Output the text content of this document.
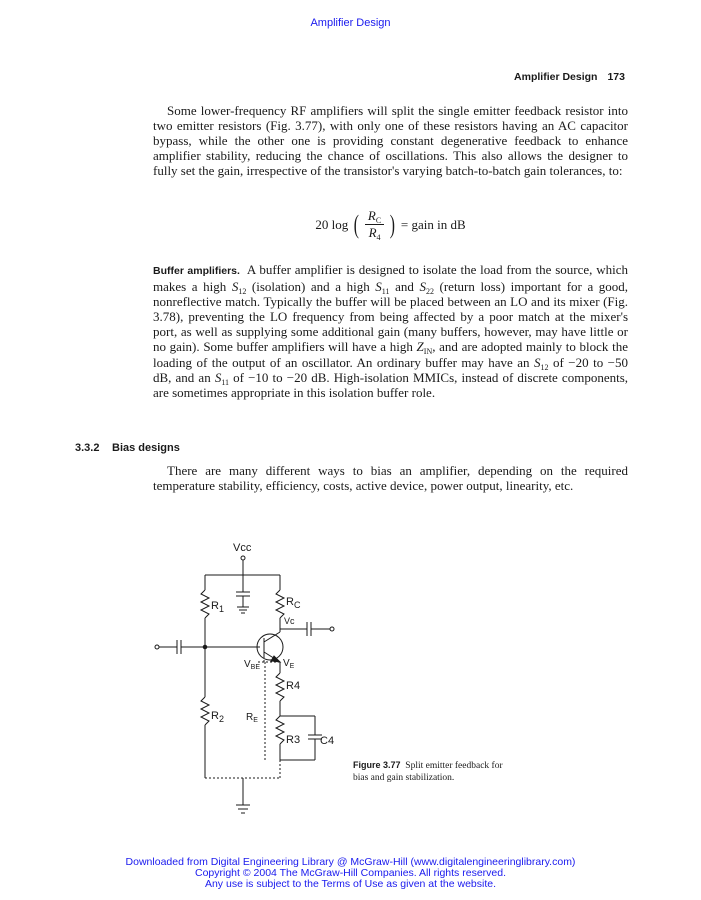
Amplifier Design
Amplifier Design 173
Some lower-frequency RF amplifiers will split the single emitter feedback resistor into two emitter resistors (Fig. 3.77), with only one of these resistors having an AC capacitor bypass, while the other one is providing constant degenerative feedback to enhance amplifier stability, reducing the chance of oscillations. This also allows the designer to fully set the gain, irrespective of the transistor's varying batch-to-batch gain tolerances, to:
20 log ( $R_C$
$R_4$ ) = gain in dB
Buffer amplifiers. A buffer amplifier is designed to isolate the load from the source, which makes a high $S_{12}$ (isolation) and a high $S_{11}$ and $S_{22}$ (return loss) important for a good, nonreflective match. Typically the buffer will be placed between an LO and its mixer (Fig. 3.78), preventing the LO frequency from being affected by a poor match at the mixer's port, as well as supplying some additional gain (many buffers, however, may have little or no gain). Some buffer amplifiers will have a high $Z_{IN}$, and are adopted mainly to block the loading of the output of an oscillator. An ordinary buffer may have an $S_{12}$ of −20 to −50 dB, and an $S_{11}$ of −10 to −20 dB. High-isolation MMICs, instead of discrete components, are sometimes appropriate in this isolation buffer role.
3.3.2 Bias designs
There are many different ways to bias an amplifier, depending on the required temperature stability, efficiency, costs, active device, power output, linearity, etc.
Vcc
$R_1$
$R_C$
Vc
$V_{BE}$ $V_E$
R4
$R_2$ $R_E$
R3 C4
Figure 3.77 Split emitter feedback for bias and gain stabilization.
Downloaded from Digital Engineering Library @ McGraw-Hill (www.digitalengineeringlibrary.com)
Copyright © 2004 The McGraw-Hill Companies. All rights reserved.
Any use is subject to the Terms of Use as given at the website.
